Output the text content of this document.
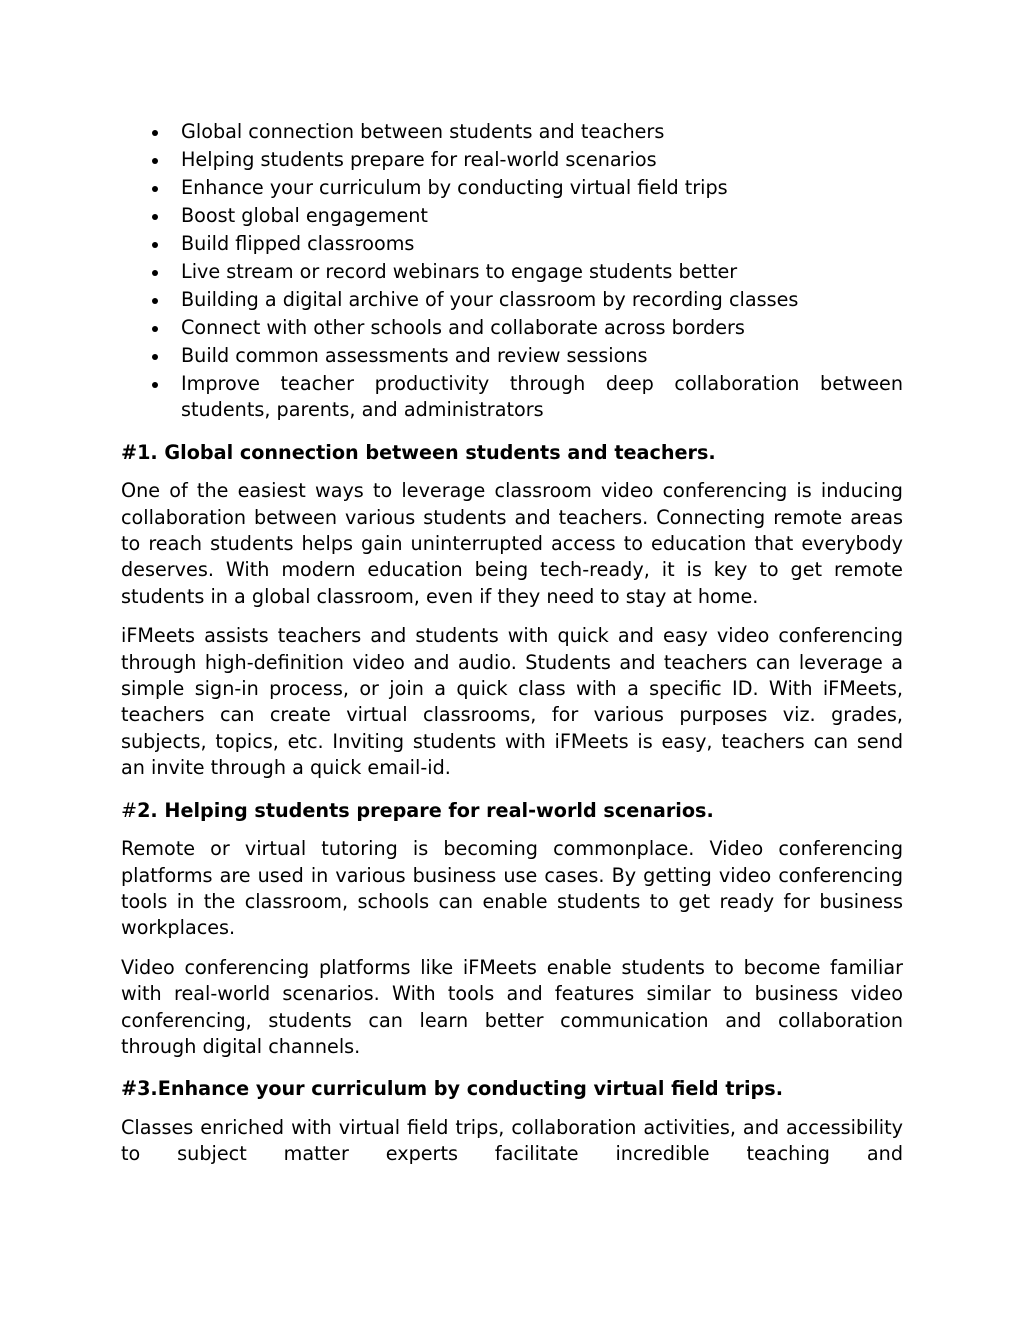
Global connection between students and teachers
Helping students prepare for real-world scenarios
Enhance your curriculum by conducting virtual field trips
Boost global engagement
Build flipped classrooms
Live stream or record webinars to engage students better
Building a digital archive of your classroom by recording classes
Connect with other schools and collaborate across borders
Build common assessments and review sessions
Improve teacher productivity through deep collaboration between students, parents, and administrators
#1. Global connection between students and teachers.

One of the easiest ways to leverage classroom video conferencing is inducing collaboration between various students and teachers. Connecting remote areas to reach students helps gain uninterrupted access to education that everybody deserves. With modern education being tech-ready, it is key to get remote students in a global classroom, even if they need to stay at home.

iFMeets assists teachers and students with quick and easy video conferencing through high-definition video and audio. Students and teachers can leverage a simple sign-in process, or join a quick class with a specific ID. With iFMeets, teachers can create virtual classrooms, for various purposes viz. grades, subjects, topics, etc. Inviting students with iFMeets is easy, teachers can send an invite through a quick email-id.

#2. Helping students prepare for real-world scenarios.

Remote or virtual tutoring is becoming commonplace. Video conferencing platforms are used in various business use cases. By getting video conferencing tools in the classroom, schools can enable students to get ready for business workplaces.

Video conferencing platforms like iFMeets enable students to become familiar with real-world scenarios. With tools and features similar to business video conferencing, students can learn better communication and collaboration through digital channels.

#3.Enhance your curriculum by conducting virtual field trips.

Classes enriched with virtual field trips, collaboration activities, and accessibility to subject matter experts facilitate incredible teaching and
